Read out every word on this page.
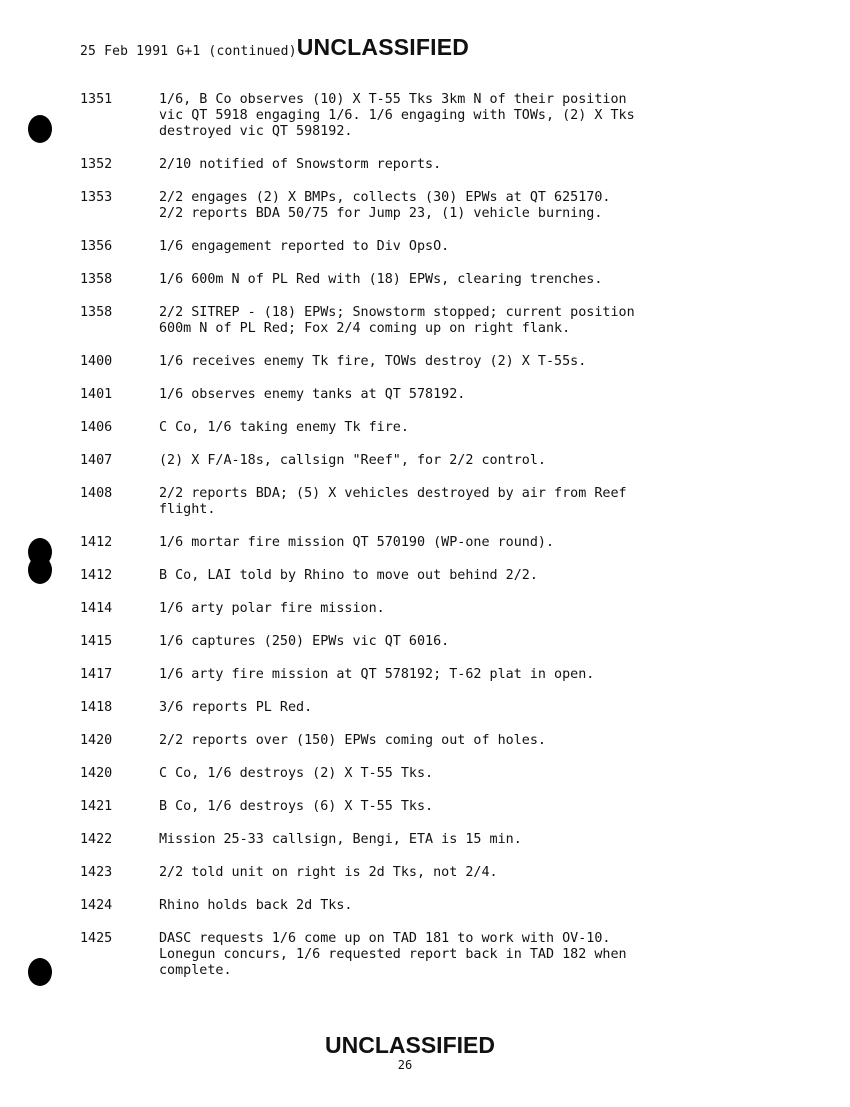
25 Feb 1991 G+1 (continued) UNCLASSIFIED
1351	1/6, B Co observes (10) X T-55 Tks 3km N of their position
vic QT 5918 engaging 1/6. 1/6 engaging with TOWs, (2) X Tks
destroyed vic QT 598192.
1352	2/10 notified of Snowstorm reports.
1353	2/2 engages (2) X BMPs, collects (30) EPWs at QT 625170.
2/2 reports BDA 50/75 for Jump 23, (1) vehicle burning.
1356	1/6 engagement reported to Div OpsO.
1358	1/6 600m N of PL Red with (18) EPWs, clearing trenches.
1358	2/2 SITREP - (18) EPWs; Snowstorm stopped; current position
600m N of PL Red; Fox 2/4 coming up on right flank.
1400	1/6 receives enemy Tk fire, TOWs destroy (2) X T-55s.
1401	1/6 observes enemy tanks at QT 578192.
1406	C Co, 1/6 taking enemy Tk fire.
1407	(2) X F/A-18s, callsign "Reef", for 2/2 control.
1408	2/2 reports BDA; (5) X vehicles destroyed by air from Reef
flight.
1412	1/6 mortar fire mission QT 570190 (WP-one round).
1412	B Co, LAI told by Rhino to move out behind 2/2.
1414	1/6 arty polar fire mission.
1415	1/6 captures (250) EPWs vic QT 6016.
1417	1/6 arty fire mission at QT 578192; T-62 plat in open.
1418	3/6 reports PL Red.
1420	2/2 reports over (150) EPWs coming out of holes.
1420	C Co, 1/6 destroys (2) X T-55 Tks.
1421	B Co, 1/6 destroys (6) X T-55 Tks.
1422	Mission 25-33 callsign, Bengi, ETA is 15 min.
1423	2/2 told unit on right is 2d Tks, not 2/4.
1424	Rhino holds back 2d Tks.
1425	DASC requests 1/6 come up on TAD 181 to work with OV-10.
Lonegun concurs, 1/6 requested report back in TAD 182 when
complete.
UNCLASSIFIED
26
